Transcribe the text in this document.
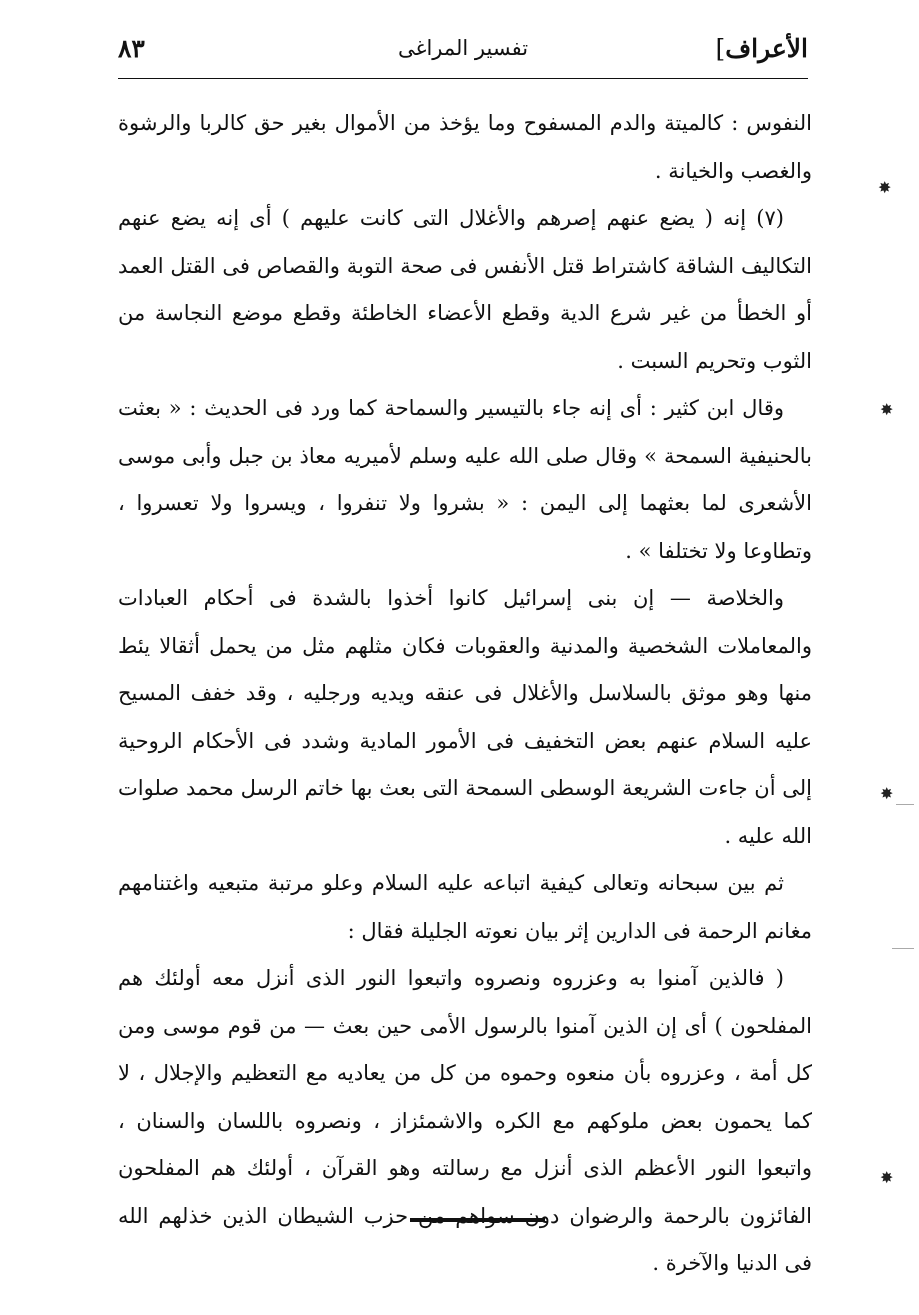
الأعراف]
تفسير المراغى
٨٣

النفوس : كالميتة والدم المسفوح وما يؤخذ من الأموال بغير حق كالربا والرشوة والغصب والخيانة .

(٧) إنه ( يضع عنهم إصرهم والأغلال التى كانت عليهم ) أى إنه يضع عنهم التكاليف الشاقة كاشتراط قتل الأنفس فى صحة التوبة والقصاص فى القتل العمد أو الخطأ من غير شرع الدية وقطع الأعضاء الخاطئة وقطع موضع النجاسة من الثوب وتحريم السبت .

وقال ابن كثير : أى إنه جاء بالتيسير والسماحة كما ورد فى الحديث : « بعثت بالحنيفية السمحة » وقال صلى الله عليه وسلم لأميريه معاذ بن جبل وأبى موسى الأشعرى لما بعثهما إلى اليمن : « بشروا ولا تنفروا ، ويسروا ولا تعسروا ، وتطاوعا ولا تختلفا » .

والخلاصة — إن بنى إسرائيل كانوا أخذوا بالشدة فى أحكام العبادات والمعاملات الشخصية والمدنية والعقوبات فكان مثلهم مثل من يحمل أثقالا يئط منها وهو موثق بالسلاسل والأغلال فى عنقه ويديه ورجليه ، وقد خفف المسيح عليه السلام عنهم بعض التخفيف فى الأمور المادية وشدد فى الأحكام الروحية إلى أن جاءت الشريعة الوسطى السمحة التى بعث بها خاتم الرسل محمد صلوات الله عليه .

ثم بين سبحانه وتعالى كيفية اتباعه عليه السلام وعلو مرتبة متبعيه واغتنامهم مغانم الرحمة فى الدارين إثر بيان نعوته الجليلة فقال :

( فالذين آمنوا به وعزروه ونصروه واتبعوا النور الذى أنزل معه أولئك هم المفلحون ) أى إن الذين آمنوا بالرسول الأمى حين بعث — من قوم موسى ومن كل أمة ، وعزروه بأن منعوه وحموه من كل من يعاديه مع التعظيم والإجلال ، لا كما يحمون بعض ملوكهم مع الكره والاشمئزاز ، ونصروه باللسان والسنان ، واتبعوا النور الأعظم الذى أنزل مع رسالته وهو القرآن ، أولئك هم المفلحون الفائزون بالرحمة والرضوان دون سواهم من حزب الشيطان الذين خذلهم الله فى الدنيا والآخرة .

✸
✸
✸
✸
